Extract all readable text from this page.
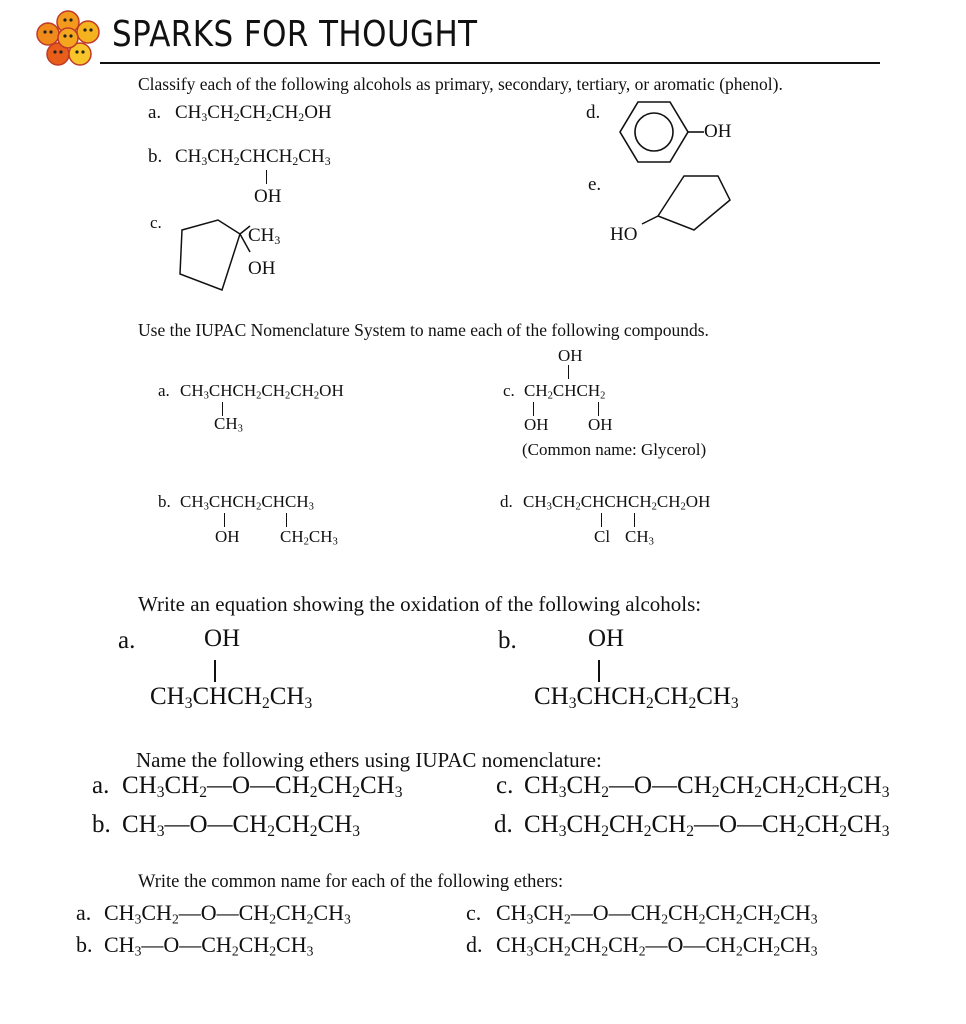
SPARKS FOR THOUGHT
Classify each of the following alcohols as primary, secondary, tertiary, or aromatic (phenol).
a. $CH_3CH_2CH_2CH_2OH$
b. $CH_3CH_2CHCH_2CH_3$
OH
c.
$CH_3$
OH
d.
OH
e.
HO
Use the IUPAC Nomenclature System to name each of the following compounds.
a. $CH_3CHCH_2CH_2CH_2OH$
$CH_3$
OH
c. $CH_2CHCH_2$
OH OH
(Common name: Glycerol)
b. $CH_3CHCH_2CHCH_3$
OH $CH_2CH_3$
d. $CH_3CH_2CHCHCH_2CH_2OH$
Cl $CH_3$
Write an equation showing the oxidation of the following alcohols:
a.	OH
$CH_3CHCH_2CH_3$
b.	OH
$CH_3CHCH_2CH_2CH_3$
Name the following ethers using IUPAC nomenclature:
a. $CH_3CH_2—O—CH_2CH_2CH_3$
b. $CH_3—O—CH_2CH_2CH_3$
c. $CH_3CH_2—O—CH_2CH_2CH_2CH_2CH_3$
d. $CH_3CH_2CH_2CH_2—O—CH_2CH_2CH_3$
Write the common name for each of the following ethers:
a. $CH_3CH_2—O—CH_2CH_2CH_3$
b. $CH_3—O—CH_2CH_2CH_3$
c. $CH_3CH_2—O—CH_2CH_2CH_2CH_2CH_3$
d. $CH_3CH_2CH_2CH_2—O—CH_2CH_2CH_3$
